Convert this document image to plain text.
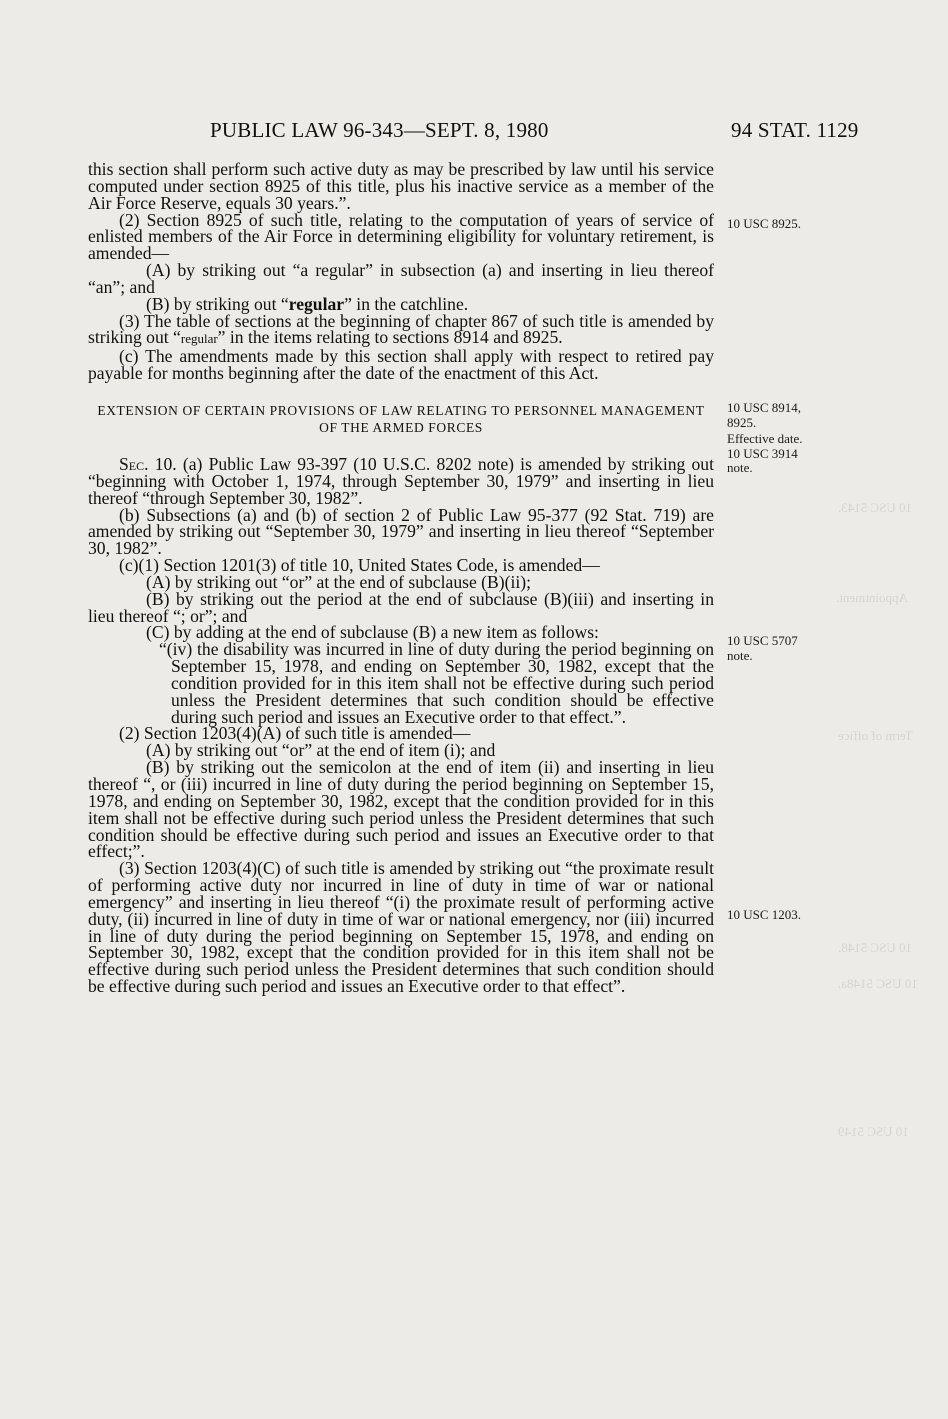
10 USC 5143.
Appointment.
Term of office
10 USC 5148.
10 USC 5148a.
10 USC 5149
PUBLIC LAW 96-343—SEPT. 8, 1980	94 STAT. 1129
10 USC 8925.
10 USC 8914,
8925.
Effective date.
10 USC 3914
note.
10 USC 5707
note.
10 USC 1203.

this section shall perform such active duty as may be prescribed by law until his service computed under section 8925 of this title, plus his inactive service as a member of the Air Force Reserve, equals 30 years.”.

(2) Section 8925 of such title, relating to the computation of years of service of enlisted members of the Air Force in determining eligibility for voluntary retirement, is amended—

(A) by striking out “a regular” in subsection (a) and inserting in lieu thereof “an”; and

(B) by striking out “regular” in the catchline.

(3) The table of sections at the beginning of chapter 867 of such title is amended by striking out “regular” in the items relating to sections 8914 and 8925.

(c) The amendments made by this section shall apply with respect to retired pay payable for months beginning after the date of the enactment of this Act.

EXTENSION OF CERTAIN PROVISIONS OF LAW RELATING TO PERSONNEL MANAGEMENT OF THE ARMED FORCES

Sec. 10. (a) Public Law 93-397 (10 U.S.C. 8202 note) is amended by striking out “beginning with October 1, 1974, through September 30, 1979” and inserting in lieu thereof “through September 30, 1982”.

(b) Subsections (a) and (b) of section 2 of Public Law 95-377 (92 Stat. 719) are amended by striking out “September 30, 1979” and inserting in lieu thereof “September 30, 1982”.

(c)(1) Section 1201(3) of title 10, United States Code, is amended—

(A) by striking out “or” at the end of subclause (B)(ii);

(B) by striking out the period at the end of subclause (B)(iii) and inserting in lieu thereof “; or”; and

(C) by adding at the end of subclause (B) a new item as follows:

“(iv) the disability was incurred in line of duty during the period beginning on September 15, 1978, and ending on September 30, 1982, except that the condition provided for in this item shall not be effective during such period unless the President determines that such condition should be effective during such period and issues an Executive order to that effect.”.

(2) Section 1203(4)(A) of such title is amended—

(A) by striking out “or” at the end of item (i); and

(B) by striking out the semicolon at the end of item (ii) and inserting in lieu thereof “, or (iii) incurred in line of duty during the period beginning on September 15, 1978, and ending on September 30, 1982, except that the condition provided for in this item shall not be effective during such period unless the President determines that such condition should be effective during such period and issues an Executive order to that effect;”.

(3) Section 1203(4)(C) of such title is amended by striking out “the proximate result of performing active duty nor incurred in line of duty in time of war or national emergency” and inserting in lieu thereof “(i) the proximate result of performing active duty, (ii) incurred in line of duty in time of war or national emergency, nor (iii) incurred in line of duty during the period beginning on September 15, 1978, and ending on September 30, 1982, except that the condition provided for in this item shall not be effective during such period unless the President determines that such condition should be effective during such period and issues an Executive order to that effect”.
